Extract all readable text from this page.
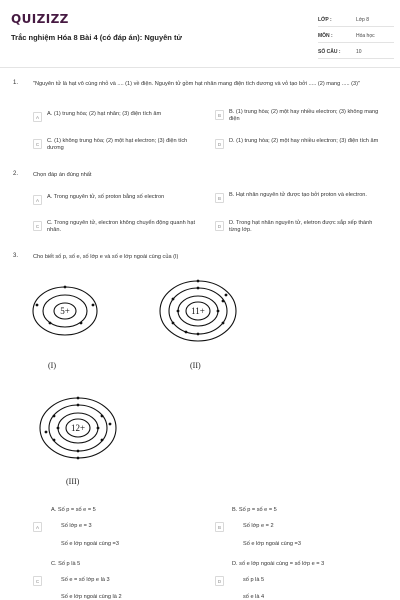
QUIZIZZ
Trắc nghiệm Hóa 8 Bài 4 (có đáp án): Nguyên tử
LỚP :	Lớp 8
MÔN :	Hóa học
SỐ CÂU :	10
1.	"Nguyên tử là hạt vô cùng nhỏ và .... (1) về điện. Nguyên tử gồm hạt nhân mang điện tích dương và vỏ tạo bởi ..... (2) mang ..... (3)"
A	A. (1) trung hòa; (2) hạt nhân; (3) điện tích âm	B	B. (1) trung hòa; (2) một hay nhiều electron; (3) không mang điện
C	C. (1) không trung hòa; (2) một hạt electron; (3) điện tích dương
D	D. (1) trung hòa; (2) một hay nhiều electron; (3) điện tích âm
2.	Chọn đáp án đúng nhất
A	A. Trong nguyên tử, số proton bằng số electron	B	B. Hạt nhân nguyên tử được tạo bởi proton và electron.
C	C. Trong nguyên tử, electron không chuyển động quanh hạt nhân.
D	D. Trong hạt nhân nguyên tử, eletron được sắp xếp thành từng lớp.
3.	Cho biết số p, số e, số lớp e và số e lớp ngoài cùng của (I)
5+
(I)
11+
(II)
12+
(III)
A. Số p = số e = 5	B. Số p = số e = 5
A	Số lớp e = 3
Số e lớp ngoài cùng =3
B	Số lớp e = 2
Số e lớp ngoài cùng =3
C. Số p là 5	D. số e lớp ngoài cùng = số lớp e = 3
C	Số e = số lớp e là 3
Số e lớp ngoài cùng là 2
D	số p là 5
số e là 4
